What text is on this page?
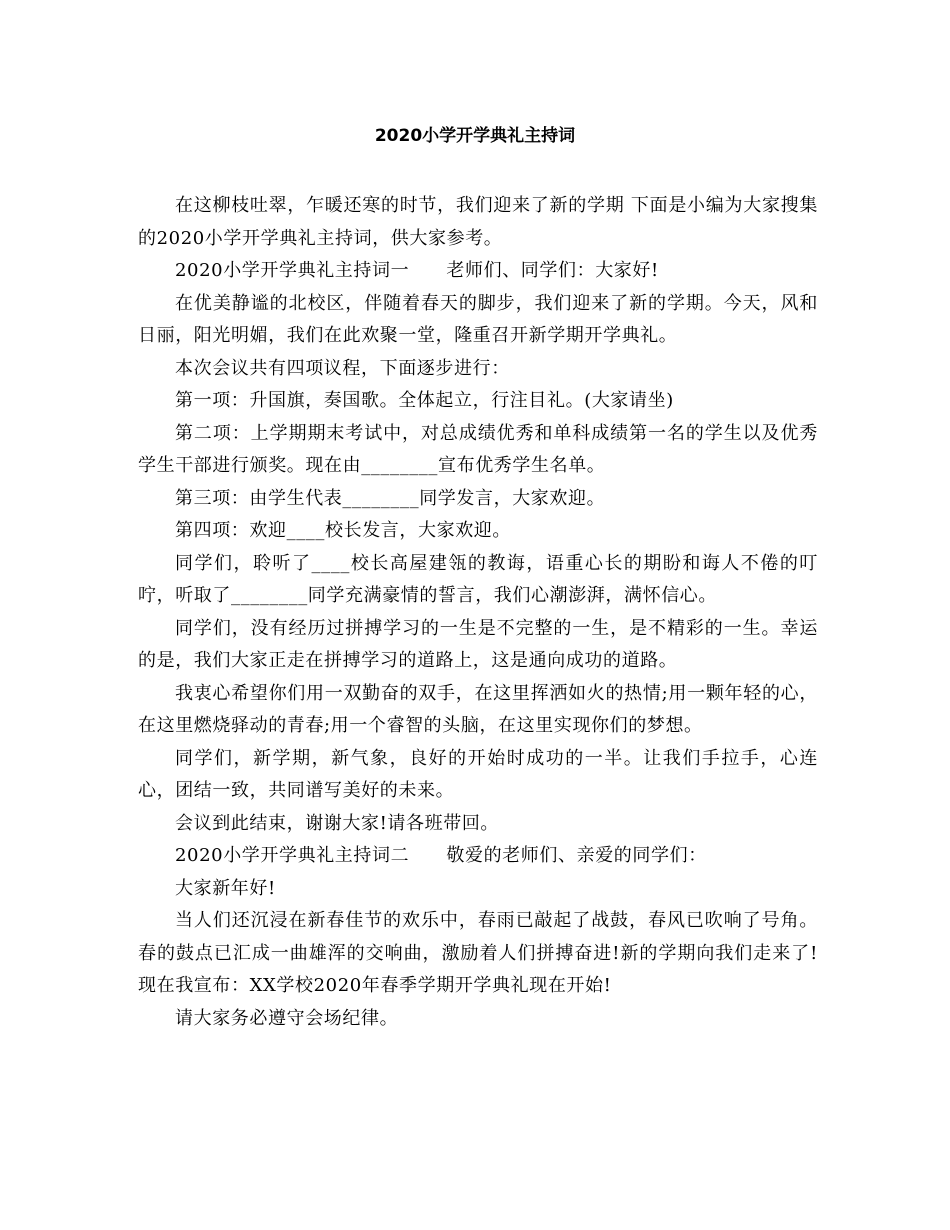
2020小学开学典礼主持词

在这柳枝吐翠，乍暖还寒的时节，我们迎来了新的学期 下面是小编为大家搜集的2020小学开学典礼主持词，供大家参考。

2020小学开学典礼主持词一　　老师们、同学们：大家好!

在优美静谧的北校区，伴随着春天的脚步，我们迎来了新的学期。今天，风和日丽，阳光明媚，我们在此欢聚一堂，隆重召开新学期开学典礼。

本次会议共有四项议程，下面逐步进行：

第一项：升国旗，奏国歌。全体起立，行注目礼。(大家请坐)

第二项：上学期期末考试中，对总成绩优秀和单科成绩第一名的学生以及优秀学生干部进行颁奖。现在由________宣布优秀学生名单。

第三项：由学生代表________同学发言，大家欢迎。

第四项：欢迎____校长发言，大家欢迎。

同学们，聆听了____校长高屋建瓴的教诲，语重心长的期盼和诲人不倦的叮咛，听取了________同学充满豪情的誓言，我们心潮澎湃，满怀信心。

同学们，没有经历过拼搏学习的一生是不完整的一生，是不精彩的一生。幸运的是，我们大家正走在拼搏学习的道路上，这是通向成功的道路。

我衷心希望你们用一双勤奋的双手，在这里挥洒如火的热情;用一颗年轻的心，在这里燃烧驿动的青春;用一个睿智的头脑，在这里实现你们的梦想。

同学们，新学期，新气象，良好的开始时成功的一半。让我们手拉手，心连心，团结一致，共同谱写美好的未来。

会议到此结束，谢谢大家!请各班带回。

2020小学开学典礼主持词二　　敬爱的老师们、亲爱的同学们：

大家新年好!

当人们还沉浸在新春佳节的欢乐中，春雨已敲起了战鼓，春风已吹响了号角。春的鼓点已汇成一曲雄浑的交响曲，激励着人们拼搏奋进!新的学期向我们走来了!现在我宣布：XX学校2020年春季学期开学典礼现在开始!

请大家务必遵守会场纪律。
